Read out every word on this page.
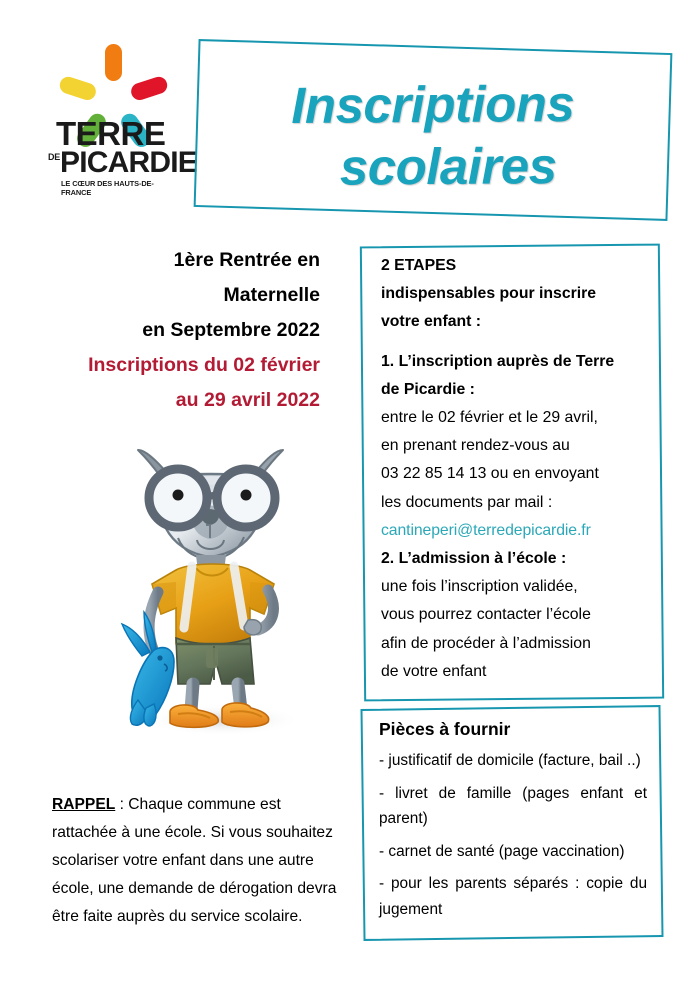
TERRE
DE PICARDIE
LE CŒUR DES HAUTS-DE-FRANCE
Inscriptions
scolaires
1ère Rentrée en
Maternelle
en Septembre 2022
Inscriptions du 02 février
au 29 avril 2022

RAPPEL : Chaque commune est rattachée à une école. Si vous souhaitez scolariser votre enfant dans une autre école, une demande de dérogation devra être faite auprès du service scolaire.

2 ETAPES
indispensables pour inscrire
votre enfant :
1. L’inscription auprès de Terre
de Picardie :
entre le 02 février et le 29 avril,
en prenant rendez-vous au
03 22 85 14 13 ou en envoyant
les documents par mail :
cantineperi@terredepicardie.fr
2. L’admission à l’école :
une fois l’inscription validée,
vous pourrez contacter l’école
afin de procéder à l’admission
de votre enfant
Pièces à fournir
- justificatif de domicile (facture, bail ..)
- livret de famille (pages enfant et parent)
- carnet de santé (page vaccination)
- pour les parents séparés : copie du jugement
